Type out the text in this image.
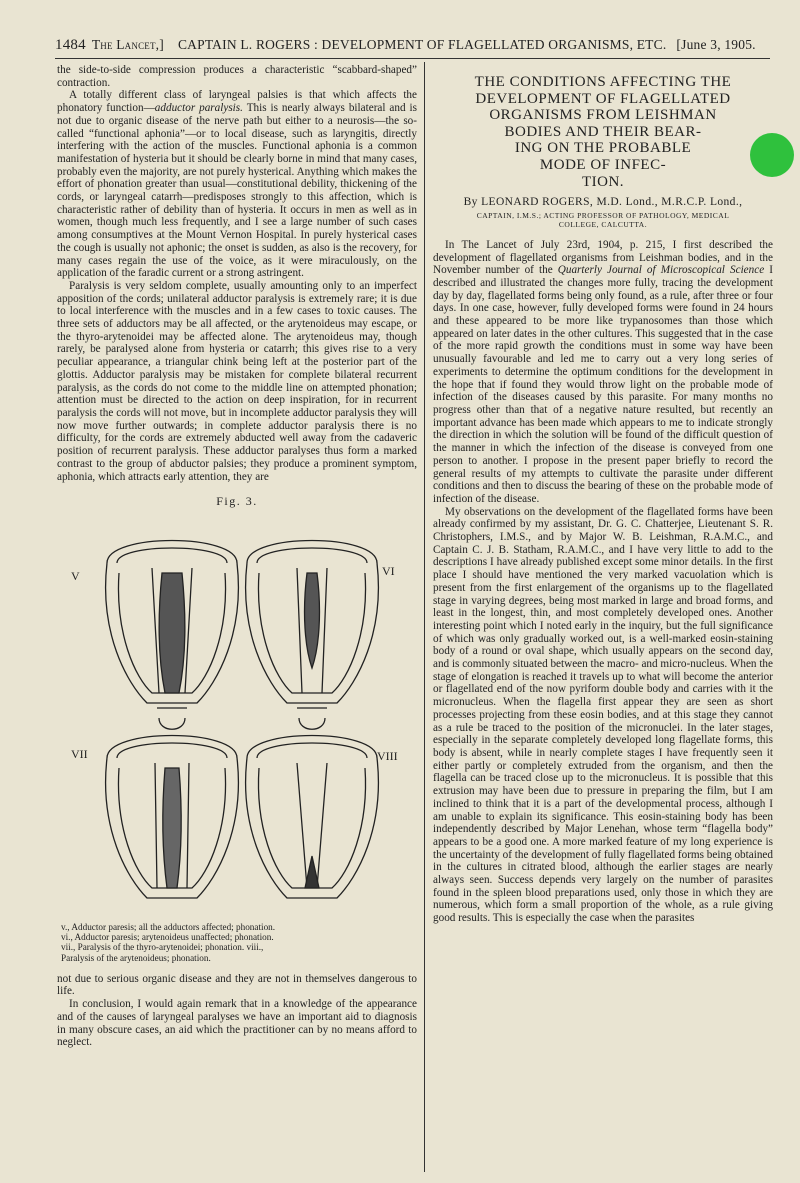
1484 The Lancet,] CAPTAIN L. ROGERS : DEVELOPMENT OF FLAGELLATED ORGANISMS, ETC. [June 3, 1905.

the side-to-side compression produces a characteristic “scabbard-shaped” contraction.

A totally different class of laryngeal palsies is that which affects the phonatory function—adductor paralysis. This is nearly always bilateral and is not due to organic disease of the nerve path but either to a neurosis—the so-called “functional aphonia”—or to local disease, such as laryngitis, directly interfering with the action of the muscles. Functional aphonia is a common manifestation of hysteria but it should be clearly borne in mind that many cases, probably even the majority, are not purely hysterical. Anything which makes the effort of phonation greater than usual—constitutional debility, thickening of the cords, or laryngeal catarrh—predisposes strongly to this affection, which is characteristic rather of debility than of hysteria. It occurs in men as well as in women, though much less frequently, and I see a large number of such cases among consumptives at the Mount Vernon Hospital. In purely hysterical cases the cough is usually not aphonic; the onset is sudden, as also is the recovery, for many cases regain the use of the voice, as it were miraculously, on the application of the faradic current or a strong astringent.

Paralysis is very seldom complete, usually amounting only to an imperfect apposition of the cords; unilateral adductor paralysis is extremely rare; it is due to local interference with the muscles and in a few cases to toxic causes. The three sets of adductors may be all affected, or the arytenoideus may escape, or the thyro-arytenoidei may be affected alone. The arytenoideus may, though rarely, be paralysed alone from hysteria or catarrh; this gives rise to a very peculiar appearance, a triangular chink being left at the posterior part of the glottis. Adductor paralysis may be mistaken for complete bilateral recurrent paralysis, as the cords do not come to the middle line on attempted phonation; attention must be directed to the action on deep inspiration, for in recurrent paralysis the cords will not move, but in incomplete adductor paralysis they will now move further outwards; in complete adductor paralysis there is no difficulty, for the cords are extremely abducted well away from the cadaveric position of recurrent paralysis. These adductor paralyses thus form a marked contrast to the group of abductor palsies; they produce a prominent symptom, aphonia, which attracts early attention, they are

Fig. 3.
V	VI
VII	VIII
v., Adductor paresis; all the adductors affected; phonation.
vi., Adductor paresis; arytenoideus unaffected; phonation.
vii., Paralysis of the thyro-arytenoidei; phonation. viii.,
Paralysis of the arytenoideus; phonation.

not due to serious organic disease and they are not in themselves dangerous to life.

In conclusion, I would again remark that in a knowledge of the appearance and of the causes of laryngeal paralyses we have an important aid to diagnosis in many obscure cases, an aid which the practitioner can by no means afford to neglect.

THE CONDITIONS AFFECTING THE
DEVELOPMENT OF FLAGELLATED
ORGANISMS FROM LEISHMAN
BODIES AND THEIR BEAR-
ING ON THE PROBABLE
MODE OF INFEC-
TION.
By LEONARD ROGERS, M.D. Lond., M.R.C.P. Lond.,
CAPTAIN, I.M.S.; ACTING PROFESSOR OF PATHOLOGY, MEDICAL
COLLEGE, CALCUTTA.

In The Lancet of July 23rd, 1904, p. 215, I first described the development of flagellated organisms from Leishman bodies, and in the November number of the Quarterly Journal of Microscopical Science I described and illustrated the changes more fully, tracing the development day by day, flagellated forms being only found, as a rule, after three or four days. In one case, however, fully developed forms were found in 24 hours and these appeared to be more like trypanosomes than those which appeared on later dates in the other cultures. This suggested that in the case of the more rapid growth the conditions must in some way have been unusually favourable and led me to carry out a very long series of experiments to determine the optimum conditions for the development in the hope that if found they would throw light on the probable mode of infection of the diseases caused by this parasite. For many months no progress other than that of a negative nature resulted, but recently an important advance has been made which appears to me to indicate strongly the direction in which the solution will be found of the difficult question of the manner in which the infection of the disease is conveyed from one person to another. I propose in the present paper briefly to record the general results of my attempts to cultivate the parasite under different conditions and then to discuss the bearing of these on the probable mode of infection of the disease.

My observations on the development of the flagellated forms have been already confirmed by my assistant, Dr. G. C. Chatterjee, Lieutenant S. R. Christophers, I.M.S., and by Major W. B. Leishman, R.A.M.C., and Captain C. J. B. Statham, R.A.M.C., and I have very little to add to the descriptions I have already published except some minor details. In the first place I should have mentioned the very marked vacuolation which is present from the first enlargement of the organisms up to the flagellated stage in varying degrees, being most marked in large and broad forms, and least in the longest, thin, and most completely developed ones. Another interesting point which I noted early in the inquiry, but the full significance of which was only gradually worked out, is a well-marked eosin-staining body of a round or oval shape, which usually appears on the second day, and is commonly situated between the macro- and micro-nucleus. When the stage of elongation is reached it travels up to what will become the anterior or flagellated end of the now pyriform double body and carries with it the micronucleus. When the flagella first appear they are seen as short processes projecting from these eosin bodies, and at this stage they cannot as a rule be traced to the position of the micronuclei. In the later stages, especially in the separate completely developed long flagellate forms, this body is absent, while in nearly complete stages I have frequently seen it either partly or completely extruded from the organism, and then the flagella can be traced close up to the micronucleus. It is possible that this extrusion may have been due to pressure in preparing the film, but I am inclined to think that it is a part of the developmental process, although I am unable to explain its significance. This eosin-staining body has been independently described by Major Lenehan, whose term “flagella body” appears to be a good one. A more marked feature of my long experience is the uncertainty of the development of fully flagellated forms being obtained in the cultures in citrated blood, although the earlier stages are nearly always seen. Success depends very largely on the number of parasites found in the spleen blood preparations used, only those in which they are numerous, which form a small proportion of the whole, as a rule giving good results. This is especially the case when the parasites
